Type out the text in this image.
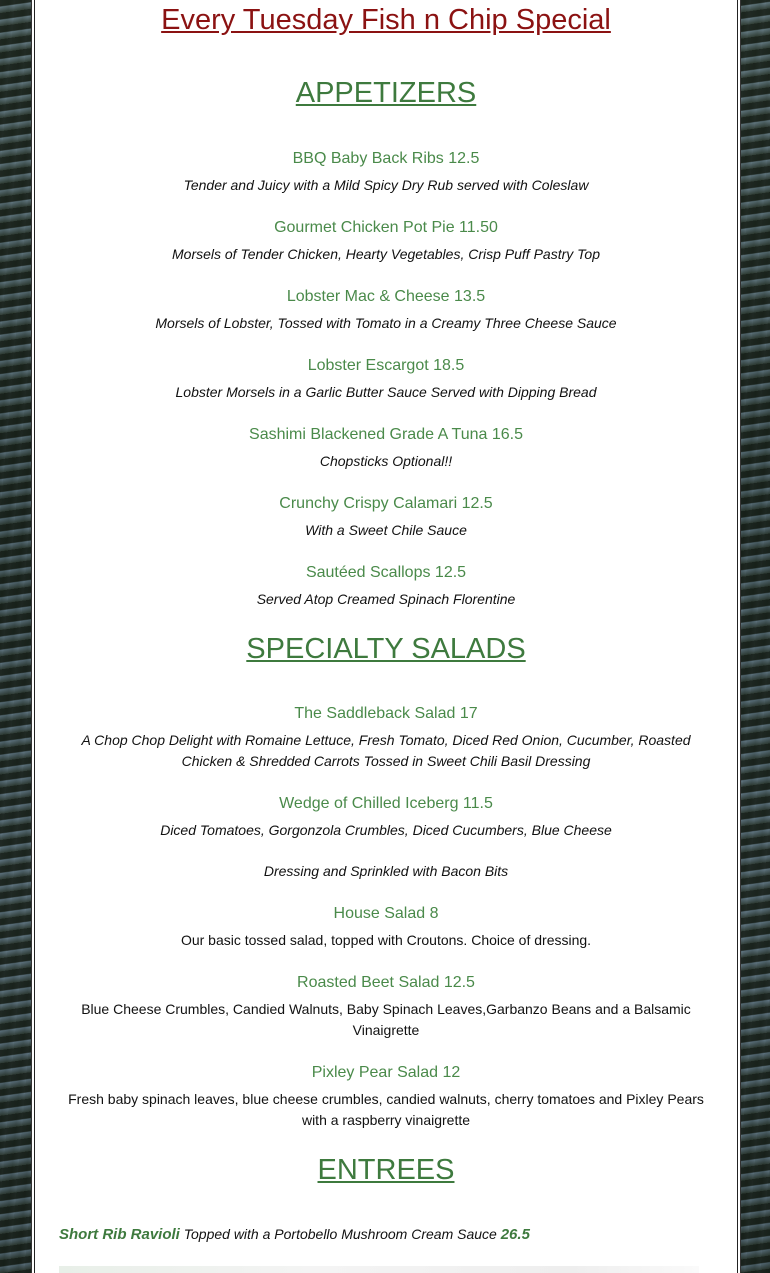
Every Tuesday Fish n Chip Special
APPETIZERS
BBQ Baby Back Ribs 12.5
Tender and Juicy with a Mild Spicy Dry Rub served with Coleslaw
Gourmet Chicken Pot Pie 11.50
Morsels of Tender Chicken, Hearty Vegetables, Crisp Puff Pastry Top
Lobster Mac & Cheese 13.5
Morsels of Lobster, Tossed with Tomato in a Creamy Three Cheese Sauce
Lobster Escargot 18.5
Lobster Morsels in a Garlic Butter Sauce Served with Dipping Bread
Sashimi Blackened Grade A Tuna 16.5
Chopsticks Optional!!
Crunchy Crispy Calamari 12.5
With a Sweet Chile Sauce
Sautéed Scallops 12.5
Served Atop Creamed Spinach Florentine
SPECIALTY SALADS
The Saddleback Salad 17
A Chop Chop Delight with Romaine Lettuce, Fresh Tomato, Diced Red Onion, Cucumber, Roasted Chicken & Shredded Carrots Tossed in Sweet Chili Basil Dressing
Wedge of Chilled Iceberg 11.5
Diced Tomatoes, Gorgonzola Crumbles, Diced Cucumbers, Blue Cheese
Dressing and Sprinkled with Bacon Bits
House Salad 8
Our basic tossed salad, topped with Croutons. Choice of dressing.
Roasted Beet Salad 12.5
Blue Cheese Crumbles, Candied Walnuts, Baby Spinach Leaves,Garbanzo Beans and a Balsamic Vinaigrette
Pixley Pear Salad 12
Fresh baby spinach leaves, blue cheese crumbles, candied walnuts, cherry tomatoes and Pixley Pears with a raspberry vinaigrette
ENTREES
Short Rib Ravioli Topped with a Portobello Mushroom Cream Sauce 26.5
